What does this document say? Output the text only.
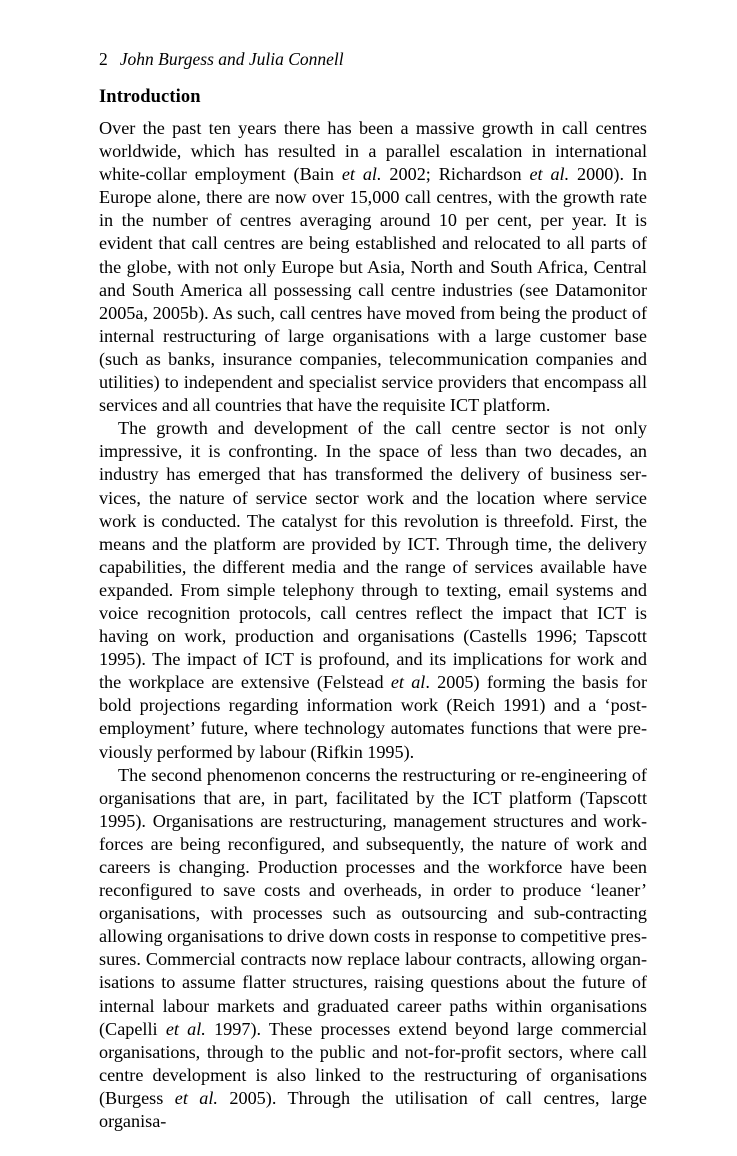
2 John Burgess and Julia Connell
Introduction

Over the past ten years there has been a massive growth in call centres worldwide, which has resulted in a parallel escalation in international white-collar employment (Bain et al. 2002; Richardson et al. 2000). In Europe alone, there are now over 15,000 call centres, with the growth rate in the number of centres averaging around 10 per cent, per year. It is evident that call centres are being established and relocated to all parts of the globe, with not only Europe but Asia, North and South Africa, Central and South America all possessing call centre industries (see Datamonitor 2005a, 2005b). As such, call centres have moved from being the product of internal restructuring of large organisations with a large customer base (such as banks, insurance companies, telecommunication companies and utilities) to independent and specialist service providers that encompass all services and all countries that have the requisite ICT platform.

The growth and development of the call centre sector is not only impressive, it is confronting. In the space of less than two decades, an industry has emerged that has transformed the delivery of business services, the nature of service sector work and the location where service work is conducted. The catalyst for this revolution is threefold. First, the means and the platform are provided by ICT. Through time, the delivery capabilities, the different media and the range of services available have expanded. From simple telephony through to texting, email systems and voice recognition protocols, call centres reflect the impact that ICT is having on work, production and organisations (Castells 1996; Tapscott 1995). The impact of ICT is profound, and its implications for work and the workplace are extensive (Felstead et al. 2005) forming the basis for bold projections regarding information work (Reich 1991) and a ‘postemployment’ future, where technology automates functions that were previously performed by labour (Rifkin 1995).

The second phenomenon concerns the restructuring or re-engineering of organisations that are, in part, facilitated by the ICT platform (Tapscott 1995). Organisations are restructuring, management structures and workforces are being reconfigured, and subsequently, the nature of work and careers is changing. Production processes and the workforce have been reconfigured to save costs and overheads, in order to produce ‘leaner’ organisations, with processes such as outsourcing and sub-contracting allowing organisations to drive down costs in response to competitive pressures. Commercial contracts now replace labour contracts, allowing organisations to assume flatter structures, raising questions about the future of internal labour markets and graduated career paths within organisations (Capelli et al. 1997). These processes extend beyond large commercial organisations, through to the public and not-for-profit sectors, where call centre development is also linked to the restructuring of organisations (Burgess et al. 2005). Through the utilisation of call centres, large organisa-
